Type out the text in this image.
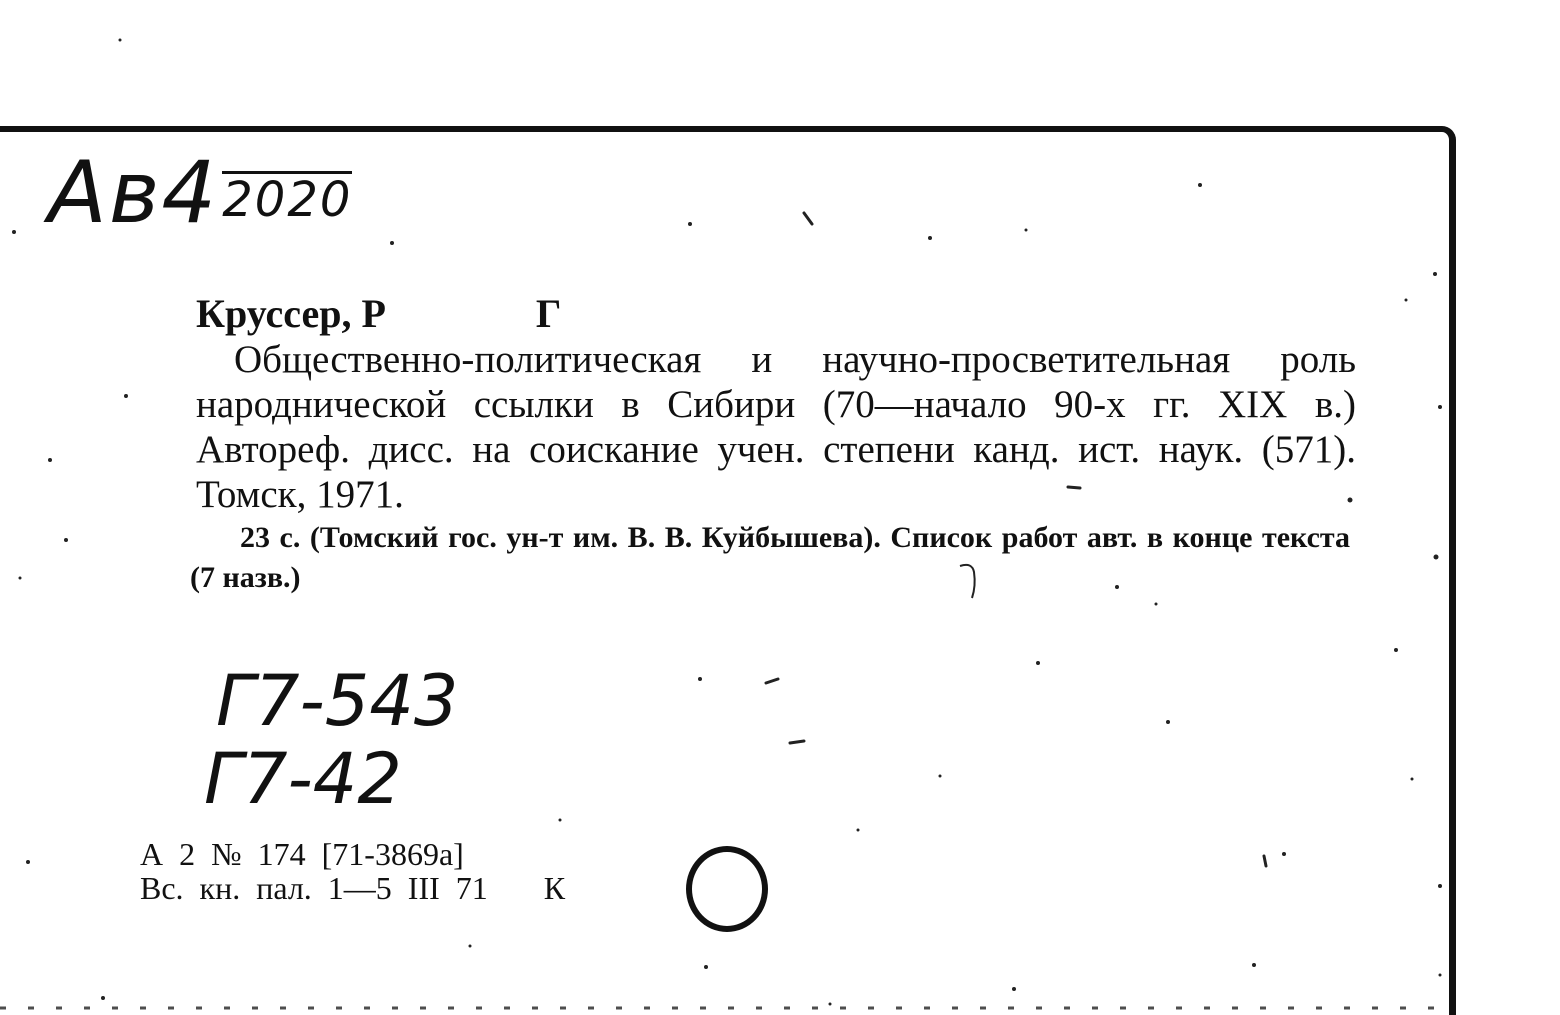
Ав42020
Круссер, Р	Г
Общественно-политическая и научно-просветительная роль народнической ссылки в Сибири (70—начало 90-х гг. XIX в.) Автореф. дисс. на соискание учен. степени канд. ист. наук. (571). Томск, 1971.
23 с. (Томский гос. ун-т им. В. В. Куйбышева). Список работ авт. в конце текста (7 назв.)
Г7-543
Г7-42
А 2 № 174 [71-3869а]
Вс. кн. пал. 1—5 III 71 К
